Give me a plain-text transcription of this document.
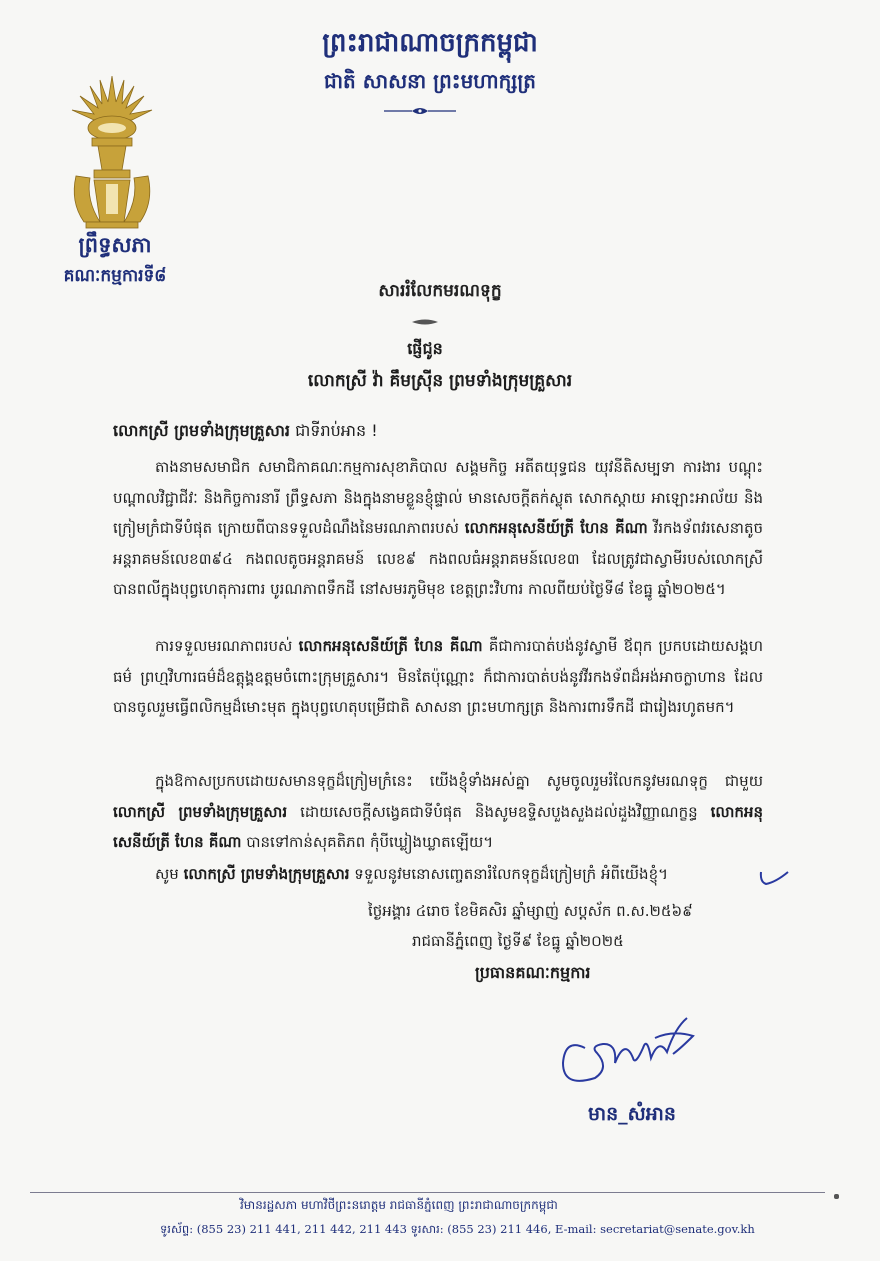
ព្រះរាជាណាចក្រកម្ពុជា
ជាតិ សាសនា ព្រះមហាក្សត្រ
ព្រឹទ្ធសភា
គណៈកម្មការទី៨
សាររំលែកមរណទុក្ខ
ផ្ញើជូន
លោកស្រី វ៉ា គឹមស្រ៊ីន ព្រមទាំងក្រុមគ្រួសារ
លោកស្រី ព្រមទាំងក្រុមគ្រួសារ ជាទីរាប់អាន !
តាងនាមសមាជិក សមាជិកាគណៈកម្មការសុខាភិបាល សង្គមកិច្ច អតីតយុទ្ធជន យុវនីតិសម្បទា ការងារ បណ្តុះបណ្តាលវិជ្ជាជីវៈ និងកិច្ចការនារី ព្រឹទ្ធសភា និងក្នុងនាមខ្លួនខ្ញុំផ្ទាល់ មានសេចក្តីតក់ស្លុត សោកស្តាយ អាឡោះអាល័យ និងក្រៀមក្រំជាទីបំផុត ក្រោយពីបានទទួលដំណឹងនៃមរណភាពរបស់ លោកអនុសេនីយ៍ត្រី ហែន គីណា វីរកងទ័ពវរសេនាតូចអន្តរាគមន៍លេខ៣៩៤ កងពលតូចអន្តរាគមន៍ លេខ៩ កងពលធំអន្តរាគមន៍លេខ៣ ដែលត្រូវជាស្វាមីរបស់លោកស្រី បានពលីក្នុងបុព្វហេតុការពារ បូរណភាពទឹកដី នៅសមរភូមិមុខ ខេត្តព្រះវិហារ កាលពីយប់ថ្ងៃទី៨ ខែធ្នូ ឆ្នាំ២០២៥។
ការទទួលមរណភាពរបស់ លោកអនុសេនីយ៍ត្រី ហែន គីណា គឺជាការបាត់បង់នូវស្វាមី ឪពុក ប្រកបដោយសង្គហធម៌ ព្រហ្មវិហារធម៌ដ៏ឧត្តុង្គឧត្តមចំពោះក្រុមគ្រួសារ។ មិនតែប៉ុណ្ណោះ ក៏ជាការបាត់បង់នូវវីរកងទ័ពដ៏អង់អាចក្លាហាន ដែលបានចូលរួមធ្វើពលិកម្មដ៏មោះមុត ក្នុងបុព្វហេតុបម្រើជាតិ សាសនា ព្រះមហាក្សត្រ និងការពារទឹកដី ជារៀងរហូតមក។
ក្នុងឱកាសប្រកបដោយសមានទុក្ខដ៏ក្រៀមក្រំនេះ យើងខ្ញុំទាំងអស់គ្នា សូមចូលរួមរំលែកនូវមរណទុក្ខ ជាមួយ លោកស្រី ព្រមទាំងក្រុមគ្រួសារ ដោយសេចក្តីសង្វេគជាទីបំផុត និងសូមឧទ្ទិសបួងសួងដល់ដួងវិញ្ញាណក្ខន្ធ លោកអនុសេនីយ៍ត្រី ហែន គីណា បានទៅកាន់សុគតិភព កុំបីឃ្លៀងឃ្លាតឡើយ។
សូម លោកស្រី ព្រមទាំងក្រុមគ្រួសារ ទទួលនូវមនោសញ្ចេតនារំលែកទុក្ខដ៏ក្រៀមក្រំ អំពីយើងខ្ញុំ។
ថ្ងៃអង្គារ ៤រោច ខែមិគសិរ ឆ្នាំម្សាញ់ សប្តស័ក ព.ស.២៥៦៩
រាជធានីភ្នំពេញ ថ្ងៃទី៩ ខែធ្នូ ឆ្នាំ២០២៥
ប្រធានគណៈកម្មការ
មាន_សំអាន
វិមានរដ្ឋសភា មហាវិថីព្រះនរោត្តម រាជធានីភ្នំពេញ ព្រះរាជាណាចក្រកម្ពុជា
ទូរស័ព្ទ: (855 23) 211 441, 211 442, 211 443 ទូរសារ: (855 23) 211 446, E-mail: secretariat@senate.gov.kh
